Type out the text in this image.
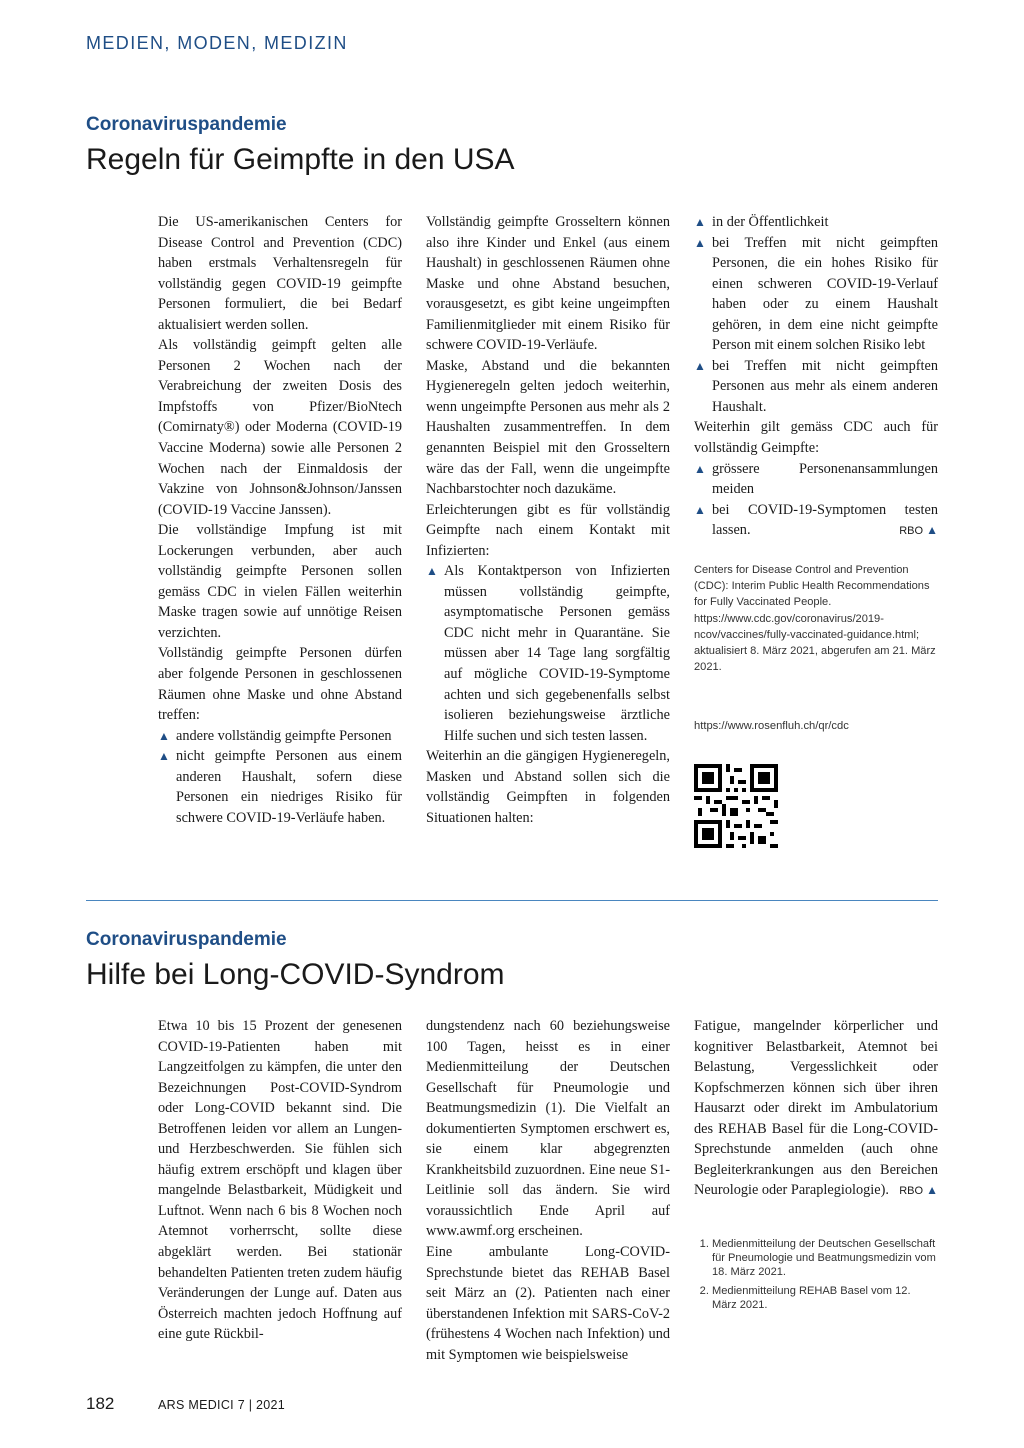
MEDIEN, MODEN, MEDIZIN
Coronaviruspandemie
Regeln für Geimpfte in den USA

Die US-amerikanischen Centers for Disease Control and Prevention (CDC) haben erstmals Verhaltensregeln für vollständig gegen COVID-19 geimpfte Personen formuliert, die bei Bedarf aktualisiert werden sollen.

Als vollständig geimpft gelten alle Personen 2 Wochen nach der Verabreichung der zweiten Dosis des Impfstoffs von Pfizer/BioNtech (Comirnaty®) oder Moderna (COVID-19 Vaccine Moderna) sowie alle Personen 2 Wochen nach der Einmaldosis der Vakzine von Johnson&Johnson/Janssen (COVID-19 Vaccine Janssen).

Die vollständige Impfung ist mit Lockerungen verbunden, aber auch vollständig geimpfte Personen sollen gemäss CDC in vielen Fällen weiterhin Maske tragen sowie auf unnötige Reisen verzichten.

Vollständig geimpfte Personen dürfen aber folgende Personen in geschlossenen Räumen ohne Maske und ohne Abstand treffen:

▲ andere vollständig geimpfte Personen
▲ nicht geimpfte Personen aus einem anderen Haushalt, sofern diese Personen ein niedriges Risiko für schwere COVID-19-Verläufe haben.

Vollständig geimpfte Grosseltern können also ihre Kinder und Enkel (aus einem Haushalt) in geschlossenen Räumen ohne Maske und ohne Abstand besuchen, vorausgesetzt, es gibt keine ungeimpften Familienmitglieder mit einem Risiko für schwere COVID-19-Verläufe.

Maske, Abstand und die bekannten Hygieneregeln gelten jedoch weiterhin, wenn ungeimpfte Personen aus mehr als 2 Haushalten zusammentreffen. In dem genannten Beispiel mit den Grosseltern wäre das der Fall, wenn die ungeimpfte Nachbarstochter noch dazukäme.

Erleichterungen gibt es für vollständig Geimpfte nach einem Kontakt mit Infizierten:

▲ Als Kontaktperson von Infizierten müssen vollständig geimpfte, asymptomatische Personen gemäss CDC nicht mehr in Quarantäne. Sie müssen aber 14 Tage lang sorgfältig auf mögliche COVID-19-Symptome achten und sich gegebenenfalls selbst isolieren beziehungsweise ärztliche Hilfe suchen und sich testen lassen.

Weiterhin an die gängigen Hygieneregeln, Masken und Abstand sollen sich die vollständig Geimpften in folgenden Situationen halten:

▲ in der Öffentlichkeit
▲ bei Treffen mit nicht geimpften Personen, die ein hohes Risiko für einen schweren COVID-19-Verlauf haben oder zu einem Haushalt gehören, in dem eine nicht geimpfte Person mit einem solchen Risiko lebt
▲ bei Treffen mit nicht geimpften Personen aus mehr als einem anderen Haushalt.

Weiterhin gilt gemäss CDC auch für vollständig Geimpfte:

▲ grössere Personenansammlungen meiden
▲ bei COVID-19-Symptomen testen lassen.	RBO ▲
Centers for Disease Control and Prevention (CDC): Interim Public Health Recommendations for Fully Vaccinated People. https://www.cdc.gov/coronavirus/2019-ncov/vaccines/fully-vaccinated-guidance.html; aktualisiert 8. März 2021, abgerufen am 21. März 2021.
https://www.rosenfluh.ch/qr/cdc
Coronaviruspandemie
Hilfe bei Long-COVID-Syndrom

Etwa 10 bis 15 Prozent der genesenen COVID-19-Patienten haben mit Langzeitfolgen zu kämpfen, die unter den Bezeichnungen Post-COVID-Syndrom oder Long-COVID bekannt sind. Die Betroffenen leiden vor allem an Lungen- und Herzbeschwerden. Sie fühlen sich häufig extrem erschöpft und klagen über mangelnde Belastbarkeit, Müdigkeit und Luftnot. Wenn nach 6 bis 8 Wochen noch Atemnot vorherrscht, sollte diese abgeklärt werden. Bei stationär behandelten Patienten treten zudem häufig Veränderungen der Lunge auf. Daten aus Österreich machten jedoch Hoffnung auf eine gute Rückbil-

dungstendenz nach 60 beziehungsweise 100 Tagen, heisst es in einer Medienmitteilung der Deutschen Gesellschaft für Pneumologie und Beatmungsmedizin (1). Die Vielfalt an dokumentierten Symptomen erschwert es, sie einem klar abgegrenzten Krankheitsbild zuzuordnen. Eine neue S1-Leitlinie soll das ändern. Sie wird voraussichtlich Ende April auf www.awmf.org erscheinen.

Eine ambulante Long-COVID-Sprechstunde bietet das REHAB Basel seit März an (2). Patienten nach einer überstandenen Infektion mit SARS-CoV-2 (frühestens 4 Wochen nach Infektion) und mit Symptomen wie beispielsweise

Fatigue, mangelnder körperlicher und kognitiver Belastbarkeit, Atemnot bei Belastung, Vergesslichkeit oder Kopfschmerzen können sich über ihren Hausarzt oder direkt im Ambulatorium des REHAB Basel für die Long-COVID-Sprechstunde anmelden (auch ohne Begleiterkrankungen aus den Bereichen Neurologie oder Paraplegiologie). RBO ▲

1. Medienmitteilung der Deutschen Gesellschaft für Pneumologie und Beatmungsmedizin vom 18. März 2021.
2. Medienmitteilung REHAB Basel vom 12. März 2021.
182	ARS MEDICI 7 | 2021
